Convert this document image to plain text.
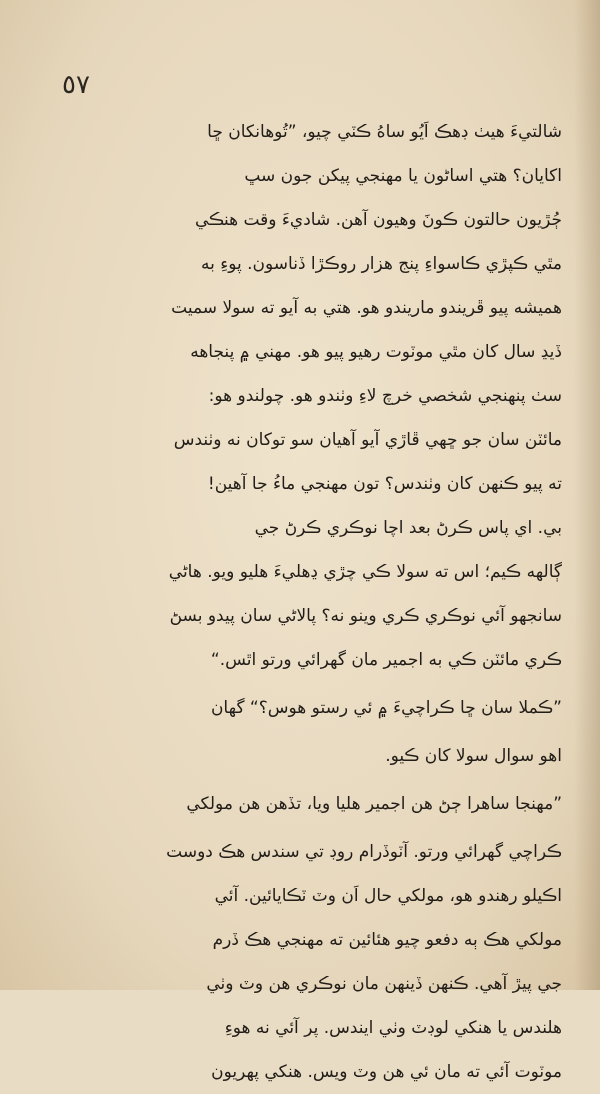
٥٧
شالتيءَ هيٺ ڊهڪ اَيُو ساهُ ڪٽي چيو، ”تُوهانکان ڇا
اکايان؟ هتي اساڻون يا مهنجي پيکن جون سڀ
ڄُڙيون حالتون ڪونَ وهيون آهن. شاديءَ وقت هنڪي
مٿي ڪپڙي ڪاسواءِ پنج هزار روڪڙا ڏناسون. پوءِ به
هميشه پيو ڦريندو ماريندو هو. هتي به آيو ته سولا سميت
ڏيڍ سال کان مٿي موٽوت رهيو پيو هو. مهني ۾ پنجاهه
سٺ پنهنجي شخصي خرچ لاءِ وٺندو هو. چولندو هو:
مائٽن سان جو ڇهي ڦاڙي آيو آهيان سو توکان نه وٺندس
ته پيو ڪنهن کان وٺندس؟ تون مهنجي ماءُ جا آهين!
بي. اي پاس ڪرڻ بعد اچا نوڪري ڪرڻ جي
ڳالهه ڪيم؛ اس ته سولا ڪي چڙي ڍهليءَ هليو ويو. هاڻي
سانجهو آئي نوڪري ڪري وينو نه؟ پالاڻي سان پيدو بسڻ
ڪري مائٽن ڪي به اجمير مان گهرائي ورتو اٿس.“
”ڪملا سان ڇا ڪراچيءَ ۾ ئي رستو هوس؟“ گهان
اهو سوال سولا کان ڪيو.
”مهنجا ساهرا ڄڻ هن اجمير هليا ويا، تڏهن هن مولکي
ڪراچي گهرائي ورتو. آٽوڏرام روڊ تي سندس هڪ دوست
اڪيلو رهندو هو، مولکي حال اَن وٽ ٽڪايائين. آئي
مولکي هڪ ٻه دفعو چيو هئائين ته مهنجي هڪ ڏرم
جي پيڙ آهي. ڪنهن ڏينهن مان نوڪري هن وٽ وٺي
هلندس يا هنکي لوڊٽ وٺي ايندس. پر آئي نه هوءِ
موٽوت آئي ته مان ئي هن وٽ ويس. هنکي پهريون
